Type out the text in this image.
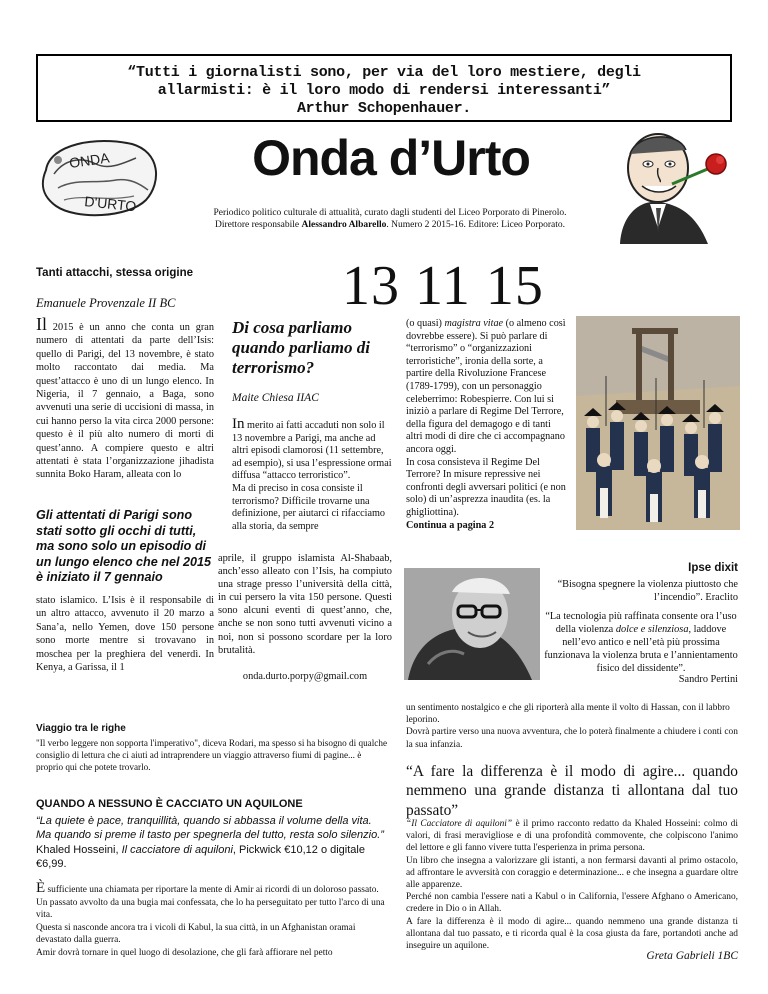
“Tutti i giornalisti sono, per via del loro mestiere, degli
allarmisti: è il loro modo di rendersi interessanti”
Arthur Schopenhauer.
ONDA
D'URTO
Onda d’Urto
Periodico politico culturale di attualità, curato dagli studenti del Liceo Porporato di Pinerolo.
Direttore responsabile Alessandro Albarello. Numero 2 2015-16. Editore: Liceo Porporato.
Tanti attacchi, stessa origine
Emanuele Provenzale II BC
Il 2015 è un anno che conta un gran numero di attentati da parte dell’Isis: quello di Parigi, del 13 novembre, è stato molto raccontato dai media. Ma quest’attacco è uno di un lungo elenco. In Nigeria, il 7 gennaio, a Baga, sono avvenuti una serie di uccisioni di massa, in cui hanno perso la vita circa 2000 persone: questo è il più alto numero di morti di quest’anno. A compiere questo e altri attentati è stata l’organizzazione jihadista sunnita Boko Haram, alleata con lo
Gli attentati di Parigi sono stati sotto gli occhi di tutti, ma sono solo un episodio di un lungo elenco che nel 2015 è iniziato il 7 gennaio
stato islamico. L’Isis è il responsabile di un altro attacco, avvenuto il 20 marzo a Sana’a, nello Yemen, dove 150 persone sono morte mentre si trovavano in moschea per la preghiera del venerdì. In Kenya, a Garissa, il 1
13 11 15
Di cosa parliamo quando parliamo di terrorismo?
Maite Chiesa IIAC
In merito ai fatti accaduti non solo il 13 novembre a Parigi, ma anche ad altri episodi clamorosi (11 settembre, ad esempio), si usa l’espressione ormai diffusa “attacco terroristico”.
Ma di preciso in cosa consiste il terrorismo? Difficile trovarne una definizione, per aiutarci ci rifacciamo alla storia, da sempre
aprile, il gruppo islamista Al-Shabaab, anch’esso alleato con l’Isis, ha compiuto una strage presso l’università della città, in cui persero la vita 150 persone. Questi sono alcuni eventi di quest’anno, che, anche se non sono tutti avvenuti vicino a noi, non si possono scordare per la loro brutalità.
onda.durto.porpy@gmail.com
(o quasi) magistra vitae (o almeno così dovrebbe essere). Si può parlare di “terrorismo” o “organizzazioni terroristiche”, ironia della sorte, a partire della Rivoluzione Francese (1789-1799), con un personaggio celeberrimo: Robespierre. Con lui si iniziò a parlare di Regime Del Terrore, della figura del demagogo e di tanti altri modi di dire che ci accompagnano ancora oggi.
In cosa consisteva il Regime Del Terrore? In misure repressive nei confronti degli avversari politici (e non solo) di un’asprezza inaudita (es. la ghigliottina).
Continua a pagina 2
Ipse dixit
“Bisogna spegnere la violenza piuttosto che l’incendio”. Eraclito
“La tecnologia più raffinata consente ora l’uso della violenza dolce e silenziosa, laddove nell’evo antico e nell’età più prossima funzionava la violenza bruta e l’annientamento fisico del dissidente”.
Sandro Pertini
Viaggio tra le righe
"Il verbo leggere non sopporta l'imperativo", diceva Rodari, ma spesso si ha bisogno di qualche consiglio di lettura che ci aiuti ad intraprendere un viaggio attraverso fiumi di pagine... è proprio qui che potete trovarlo.
QUANDO A NESSUNO È CACCIATO UN AQUILONE
“La quiete è pace, tranquillità, quando si abbassa il volume della vita. Ma quando si preme il tasto per spegnerla del tutto, resta solo silenzio.”
Khaled Hosseini, Il cacciatore di aquiloni, Pickwick €10,12 o digitale €6,99.
È sufficiente una chiamata per riportare la mente di Amir ai ricordi di un doloroso passato.
Un passato avvolto da una bugia mai confessata, che lo ha perseguitato per tutto l'arco di una vita.
Questa si nasconde ancora tra i vicoli di Kabul, la sua città, in un Afghanistan oramai devastato dalla guerra.
Amir dovrà tornare in quel luogo di desolazione, che gli farà affiorare nel petto
un sentimento nostalgico e che gli riporterà alla mente il volto di Hassan, con il labbro leporino.
Dovrà partire verso una nuova avventura, che lo poterà finalmente a chiudere i conti con la sua infanzia.
“A fare la differenza è il modo di agire... quando nemmeno una grande distanza ti allontana dal tuo passato”
“Il Cacciatore di aquiloni” è il primo racconto redatto da Khaled Hosseini: colmo di valori, di frasi meravigliose e di una profondità commovente, che colpiscono l'animo del lettore e gli fanno vivere tutta l'esperienza in prima persona.
Un libro che insegna a valorizzare gli istanti, a non fermarsi davanti al primo ostacolo, ad affrontare le avversità con coraggio e determinazione... e che insegna a guardare oltre alle apparenze.
Perché non cambia l'essere nati a Kabul o in California, l'essere Afghano o Americano, credere in Dio o in Allah.
A fare la differenza è il modo di agire... quando nemmeno una grande distanza ti allontana dal tuo passato, e ti ricorda qual è la cosa giusta da fare, portandoti anche ad inseguire un aquilone.
Greta Gabrieli 1BC
